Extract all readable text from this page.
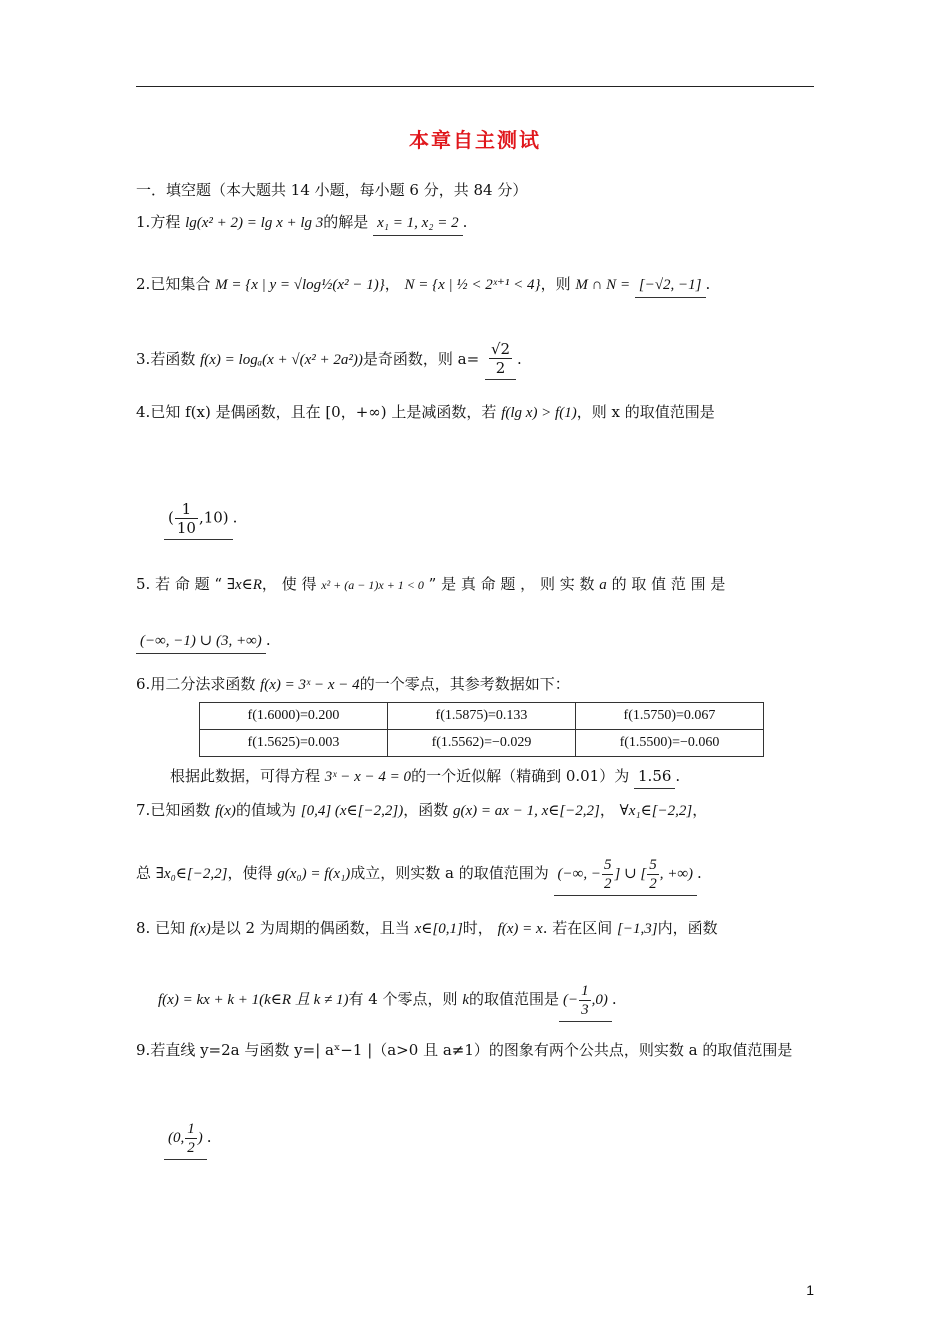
本章自主测试
一．填空题（本大题共 14 小题，每小题 6 分，共 84 分）
1.方程 lg(x² + 2) = lg x + lg 3的解是 x₁ = 1, x₂ = 2 .
2.已知集合 M = {x | y = √log½(x² − 1)}， N = {x | ½ < 2ˣ⁺¹ < 4}，则 M ∩ N = [−√2, −1] .
3.若函数 f(x) = logₐ(x + √(x² + 2a²))是奇函数，则 $a= \frac{√2}{2}$ .
4.已知 f(x) 是偶函数，且在 [0，+∞) 上是减函数，若 f(lg x) > f(1)，则 x 的取值范围是
( $\frac{1}{10} ,10$) .
5. 若 命 题 “ ∃x∈R， 使 得 x² + (a − 1)x + 1 < 0 ” 是 真 命 题 ， 则 实 数 a 的 取 值 范 围 是
(−∞, −1) ∪ (3, +∞) .
6.用二分法求函数 f(x) = 3ˣ − x − 4的一个零点，其参考数据如下：
f(1.6000)=0.200	f(1.5875)=0.133	f(1.5750)=0.067
f(1.5625)=0.003	f(1.5562)=−0.029	f(1.5500)=−0.060
根据此数据，可得方程 3ˣ − x − 4 = 0的一个近似解（精确到 0.01）为 1.56 .
7.已知函数 f(x)的值域为 [0,4] (x∈[−2,2])，函数 g(x) = ax − 1, x∈[−2,2]， ∀x₁∈[−2,2]，
总 ∃x₀∈[−2,2]，使得 g(x₀) = f(x₁)成立，则实数 a 的取值范围为 (−∞, − $\frac{5}{2}$ ] ∪ [ $\frac{5}{2}$ , +∞) .
8. 已知 f(x)是以 2 为周期的偶函数，且当 x∈[0,1]时， f(x) = x. 若在区间 [−1,3]内，函数
f(x) = kx + k + 1(k∈R 且 k ≠ 1)有 4 个零点，则 k的取值范围是 (− $\frac{1}{3} ,0$) .
9.若直线 y=2a 与函数 y=| aˣ−1 |（a>0 且 a≠1）的图象有两个公共点，则实数 a 的取值范围是
(0, $\frac{1}{2}$ ) .
1
